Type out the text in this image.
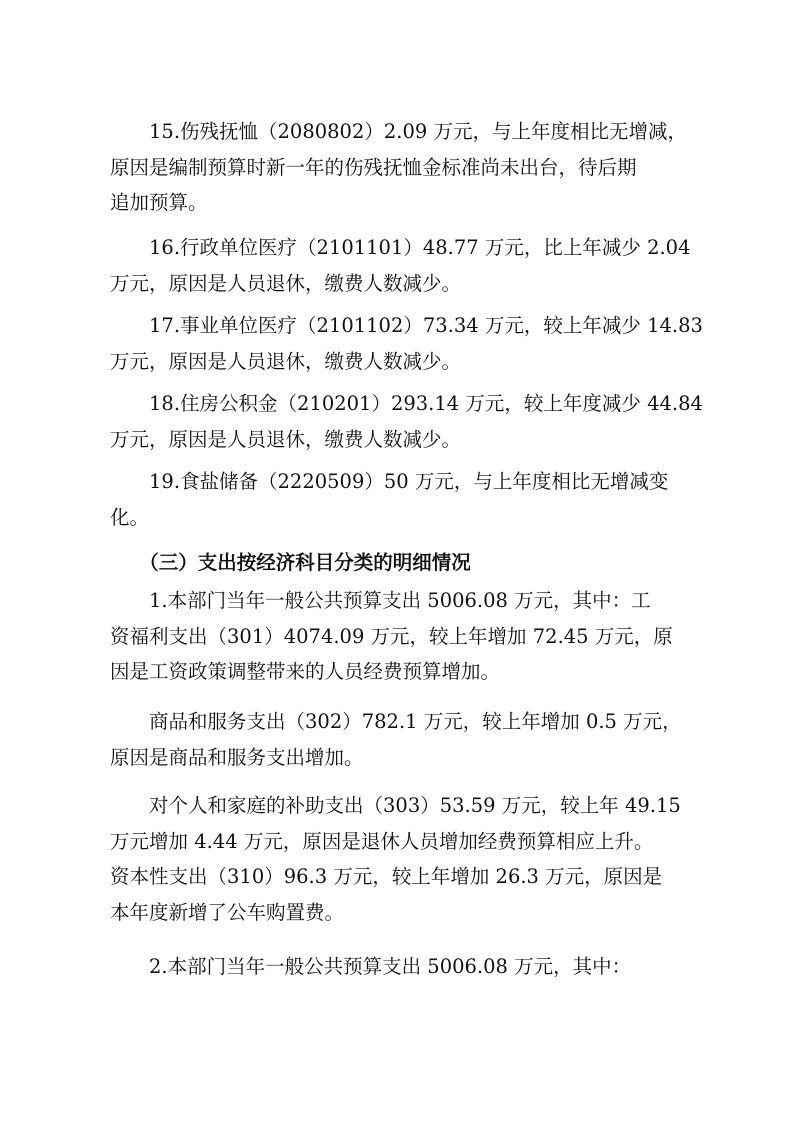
　　15.伤残抚恤（2080802）2.09 万元，与上年度相比无增减，
原因是编制预算时新一年的伤残抚恤金标准尚未出台，待后期
追加预算。

　　16.行政单位医疗（2101101）48.77 万元，比上年减少 2.04
万元，原因是人员退休，缴费人数减少。

　　17.事业单位医疗（2101102）73.34 万元，较上年减少 14.83
万元，原因是人员退休，缴费人数减少。

　　18.住房公积金（210201）293.14 万元，较上年度减少 44.84
万元，原因是人员退休，缴费人数减少。

　　19.食盐储备（2220509）50 万元，与上年度相比无增减变
化。

　　（三）支出按经济科目分类的明细情况

　　1.本部门当年一般公共预算支出 5006.08 万元，其中：工
资福利支出（301）4074.09 万元，较上年增加 72.45 万元，原
因是工资政策调整带来的人员经费预算增加。

　　商品和服务支出（302）782.1 万元，较上年增加 0.5 万元，
原因是商品和服务支出增加。

　　对个人和家庭的补助支出（303）53.59 万元，较上年 49.15
万元增加 4.44 万元，原因是退休人员增加经费预算相应上升。
资本性支出（310）96.3 万元，较上年增加 26.3 万元，原因是
本年度新增了公车购置费。

　　2.本部门当年一般公共预算支出 5006.08 万元，其中：
